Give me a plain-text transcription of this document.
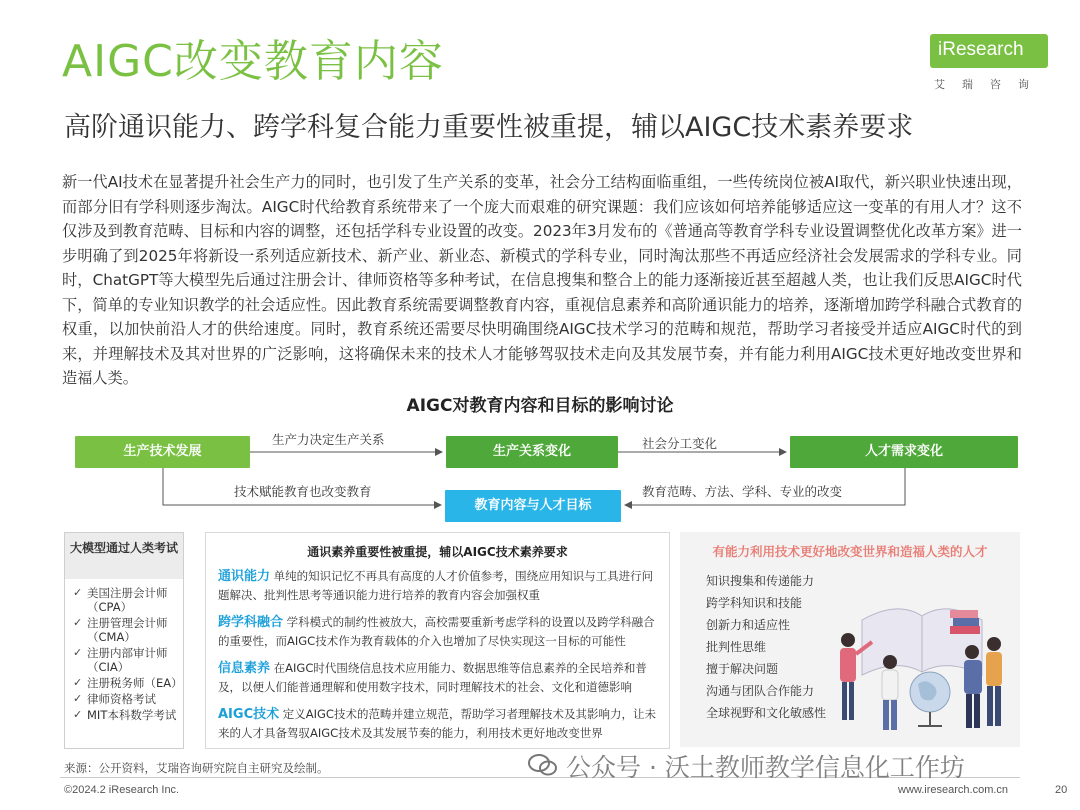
AIGC改变教育内容
高阶通识能力、跨学科复合能力重要性被重提，辅以AIGC技术素养要求
iResearch
艾瑞咨询
新一代AI技术在显著提升社会生产力的同时，也引发了生产关系的变革，社会分工结构面临重组，一些传统岗位被AI取代，新兴职业快速出现，而部分旧有学科则逐步淘汰。AIGC时代给教育系统带来了一个庞大而艰难的研究课题：我们应该如何培养能够适应这一变革的有用人才？这不仅涉及到教育范畴、目标和内容的调整，还包括学科专业设置的改变。2023年3月发布的《普通高等教育学科专业设置调整优化改革方案》进一步明确了到2025年将新设一系列适应新技术、新产业、新业态、新模式的学科专业，同时淘汰那些不再适应经济社会发展需求的学科专业。同时，ChatGPT等大模型先后通过注册会计、律师资格等多种考试，在信息搜集和整合上的能力逐渐接近甚至超越人类，也让我们反思AIGC时代下，简单的专业知识教学的社会适应性。因此教育系统需要调整教育内容，重视信息素养和高阶通识能力的培养，逐渐增加跨学科融合式教育的权重，以加快前沿人才的供给速度。同时，教育系统还需要尽快明确围绕AIGC技术学习的范畴和规范，帮助学习者接受并适应AIGC时代的到来，并理解技术及其对世界的广泛影响，这将确保未来的技术人才能够驾驭技术走向及其发展节奏，并有能力利用AIGC技术更好地改变世界和造福人类。
AIGC对教育内容和目标的影响讨论
生产技术发展	生产关系变化	人才需求变化
教育内容与人才目标
生产力决定生产关系	社会分工变化
技术赋能教育也改变教育	教育范畴、方法、学科、专业的改变
大模型通过人类考试
✓ 美国注册会计师（CPA）
✓ 注册管理会计师（CMA）
✓ 注册内部审计师（CIA）
✓ 注册税务师（EA）
✓ 律师资格考试
✓ MIT本科数学考试
通识素养重要性被重提，辅以AIGC技术素养要求
通识能力 单纯的知识记忆不再具有高度的人才价值参考，围绕应用知识与工具进行问题解决、批判性思考等通识能力进行培养的教育内容会加强权重
跨学科融合 学科模式的制约性被放大，高校需要重新考虑学科的设置以及跨学科融合的重要性，而AIGC技术作为教育载体的介入也增加了尽快实现这一目标的可能性
信息素养 在AIGC时代围绕信息技术应用能力、数据思维等信息素养的全民培养和普及，以便人们能普通理解和使用数字技术，同时理解技术的社会、文化和道德影响
AIGC技术 定义AIGC技术的范畴并建立规范，帮助学习者理解技术及其影响力，让未来的人才具备驾驭AIGC技术及其发展节奏的能力，利用技术更好地改变世界
有能力利用技术更好地改变世界和造福人类的人才
知识搜集和传递能力
跨学科知识和技能
创新力和适应性
批判性思维
擅于解决问题
沟通与团队合作能力
全球视野和文化敏感性
来源：公开资料，艾瑞咨询研究院自主研究及绘制。
©2024.2 iResearch Inc.	www.iresearch.com.cn	20
公众号 · 沃土教师教学信息化工作坊
